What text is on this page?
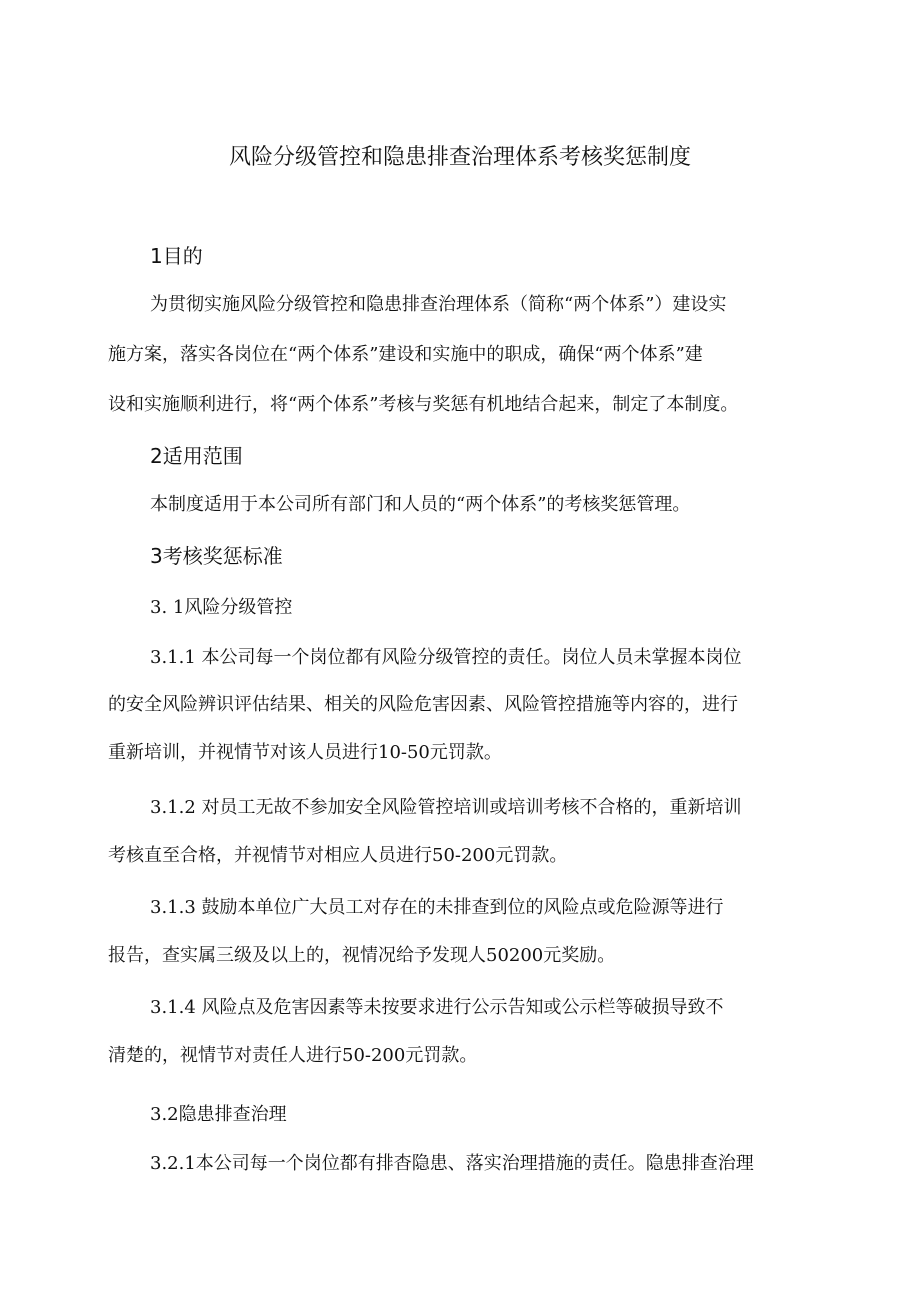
风险分级管控和隐患排查治理体系考核奖惩制度
1目的
为贯彻实施风险分级管控和隐患排查治理体系（简称“两个体系”）建设实
施方案，落实各岗位在“两个体系”建设和实施中的职成，确保“两个体系”建
设和实施顺利进行，将“两个体系”考核与奖惩有机地结合起来，制定了本制度。
2适用范围
本制度适用于本公司所有部门和人员的“两个体系”的考核奖惩管理。
3考核奖惩标准
3. 1风险分级管控
3.1.1 本公司每一个岗位都有风险分级管控的责任。岗位人员未掌握本岗位
的安全风险辨识评估结果、相关的风险危害因素、风险管控措施等内容的，进行
重新培训，并视情节对该人员进行10-50元罚款。
3.1.2 对员工无故不参加安全风险管控培训或培训考核不合格的，重新培训
考核直至合格，并视情节对相应人员进行50-200元罚款。
3.1.3 鼓励本单位广大员工对存在的未排查到位的风险点或危险源等进行
报告，查实属三级及以上的，视情况给予发现人50200元奖励。
3.1.4 风险点及危害因素等未按要求进行公示告知或公示栏等破损导致不
清楚的，视情节对责任人进行50-200元罚款。
3.2隐患排查治理
3.2.1本公司每一个岗位都有排杳隐患、落实治理措施的责任。隐患排查治理
